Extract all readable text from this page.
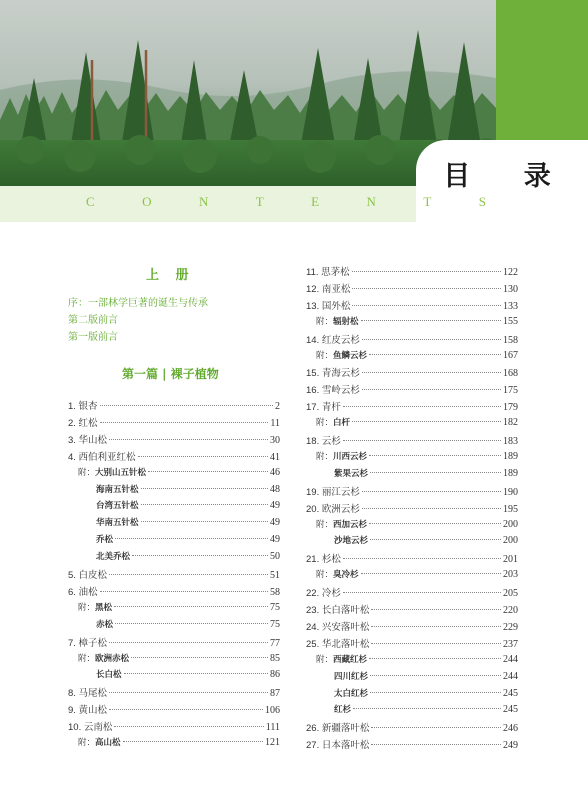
目 录
C	O	N	T	E	N	T	S
上 册
序：一部林学巨著的诞生与传承
第二版前言
第一版前言
第一篇 | 裸子植物
1. 银杏	2
2. 红松	11
3. 华山松	30
4. 西伯利亚红松	41
附： 大别山五针松	46
海南五针松	48
台湾五针松	49
华南五针松	49
乔松	49
北美乔松	50
5. 白皮松	51
6. 油松	58
附： 黑松	75
赤松	75
7. 樟子松	77
附： 欧洲赤松	85
长白松	86
8. 马尾松	87
9. 黄山松	106
10. 云南松	111
附： 高山松	121
11. 思茅松	122
12. 南亚松	130
13. 国外松	133
附： 辐射松	155
14. 红皮云杉	158
附： 鱼鳞云杉	167
15. 青海云杉	168
16. 雪岭云杉	175
17. 青杆	179
附： 白杆	182
18. 云杉	183
附： 川西云杉	189
紫果云杉	189
19. 丽江云杉	190
20. 欧洲云杉	195
附： 西加云杉	200
沙地云杉	200
21. 杉松	201
附： 臭冷杉	203
22. 冷杉	205
23. 长白落叶松	220
24. 兴安落叶松	229
25. 华北落叶松	237
附： 西藏红杉	244
四川红杉	244
太白红杉	245
红杉	245
26. 新疆落叶松	246
27. 日本落叶松	249
